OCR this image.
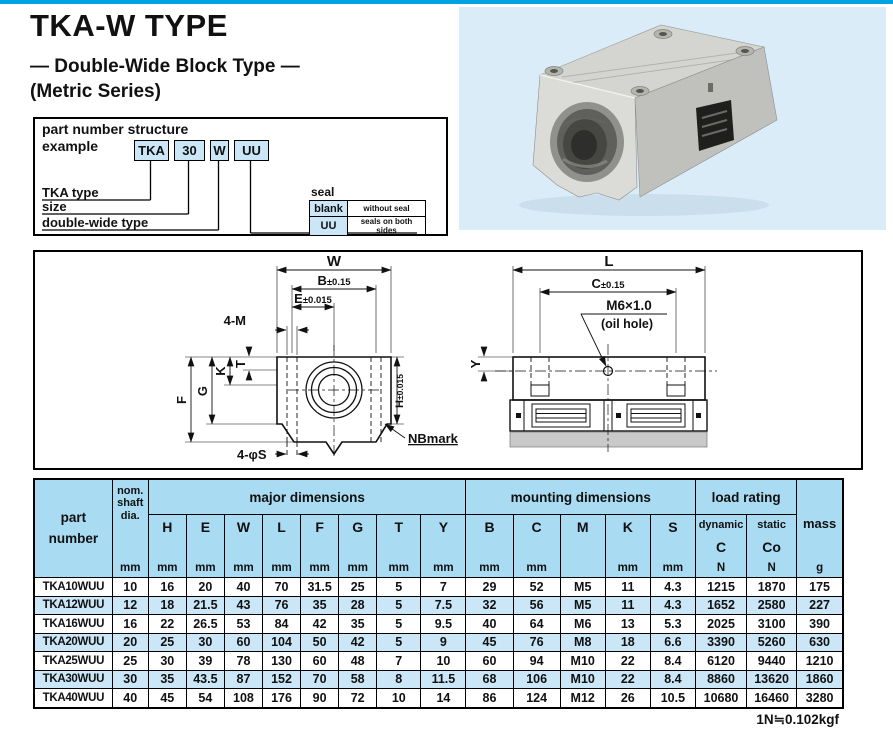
TKA-W TYPE
— Double-Wide Block Type —
(Metric Series)
part number structure
example	TKA	30	W	UU
TKA type
size
double-wide type
seal
blank	without seal
UU	seals on both sides
W
B±0.15
E±0.015
4-M
T
K
G
F	H±0.015
4-φS
NBmark
L
C±0.15
M6×1.0
(oil hole)
Y
part
number

nom.
shaft
dia.
mm
	major dimensions	mounting dimensions	load rating	
mass
g

H
mm

E
mm

W
mm

L
mm

F
mm

G
mm

T
mm

Y
mm

B
mm

C
mm

M	K
mm

S
mm

dynamic
C
N

static
Co
N

TKA10WUU	10	16	20	40	70	31.5	25	5	7	29	52	M5	11	4.3	1215	1870	175
TKA12WUU	12	18	21.5	43	76	35	28	5	7.5	32	56	M5	11	4.3	1652	2580	227
TKA16WUU	16	22	26.5	53	84	42	35	5	9.5	40	64	M6	13	5.3	2025	3100	390
TKA20WUU	20	25	30	60	104	50	42	5	9	45	76	M8	18	6.6	3390	5260	630
TKA25WUU	25	30	39	78	130	60	48	7	10	60	94	M10	22	8.4	6120	9440	1210
TKA30WUU	30	35	43.5	87	152	70	58	8	11.5	68	106	M10	22	8.4	8860	13620	1860
TKA40WUU	40	45	54	108	176	90	72	10	14	86	124	M12	26	10.5	10680	16460	3280
1N≒0.102kgf
